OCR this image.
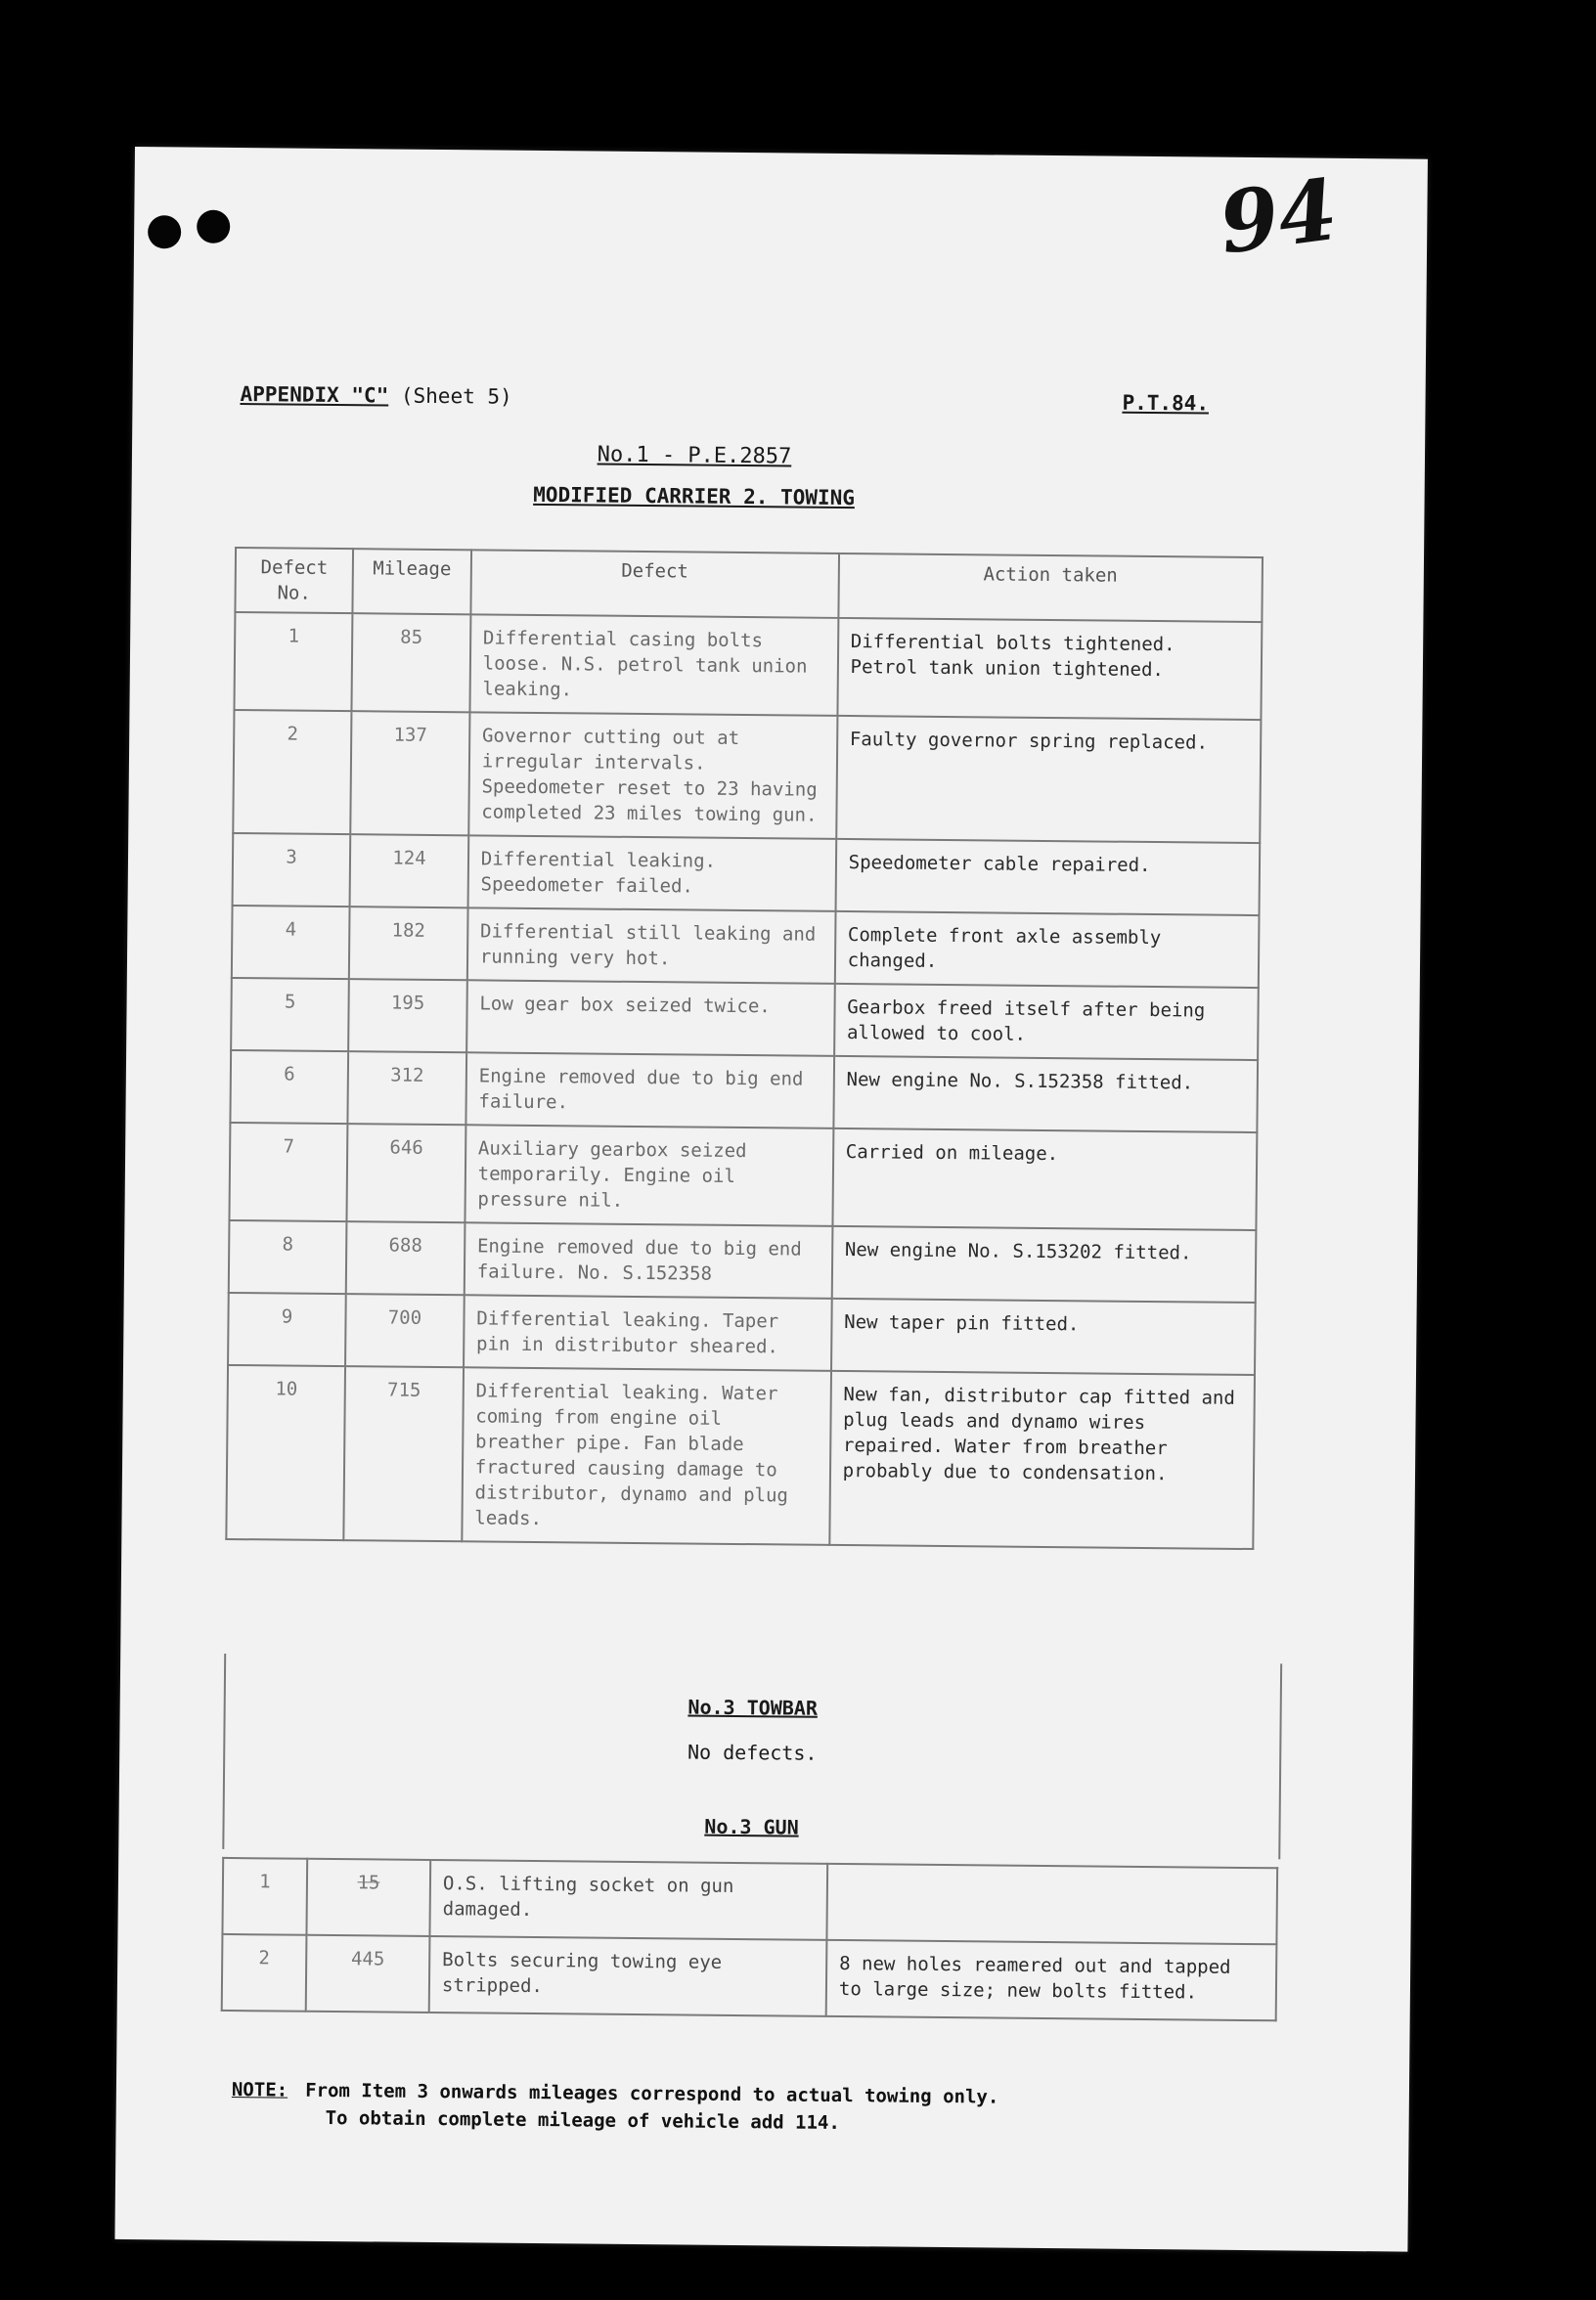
94
APPENDIX "C" (Sheet 5)	P.T.84.
No.1 - P.E.2857
MODIFIED CARRIER 2. TOWING
Defect No.	Mileage	Defect	Action taken
1	85	Differential casing bolts loose. N.S. petrol tank union leaking.	Differential bolts tightened. Petrol tank union tightened.
2	137	Governor cutting out at irregular intervals. Speedometer reset to 23 having completed 23 miles towing gun.	Faulty governor spring replaced.
3	124	Differential leaking. Speedometer failed.	Speedometer cable repaired.
4	182	Differential still leaking and running very hot.	Complete front axle assembly changed.
5	195	Low gear box seized twice.	Gearbox freed itself after being allowed to cool.
6	312	Engine removed due to big end failure.	New engine No. S.152358 fitted.
7	646	Auxiliary gearbox seized temporarily. Engine oil pressure nil.	Carried on mileage.
8	688	Engine removed due to big end failure. No. S.152358	New engine No. S.153202 fitted.
9	700	Differential leaking. Taper pin in distributor sheared.	New taper pin fitted.
10	715	Differential leaking. Water coming from engine oil breather pipe. Fan blade fractured causing damage to distributor, dynamo and plug leads.	New fan, distributor cap fitted and plug leads and dynamo wires repaired. Water from breather probably due to condensation.
No.3 TOWBAR
No defects.
No.3 GUN
1	15	O.S. lifting socket on gun damaged.	
2	445	Bolts securing towing eye stripped.	8 new holes reamered out and tapped to large size; new bolts fitted.
NOTE: From Item 3 onwards mileages correspond to actual towing only.
To obtain complete mileage of vehicle add 114.
